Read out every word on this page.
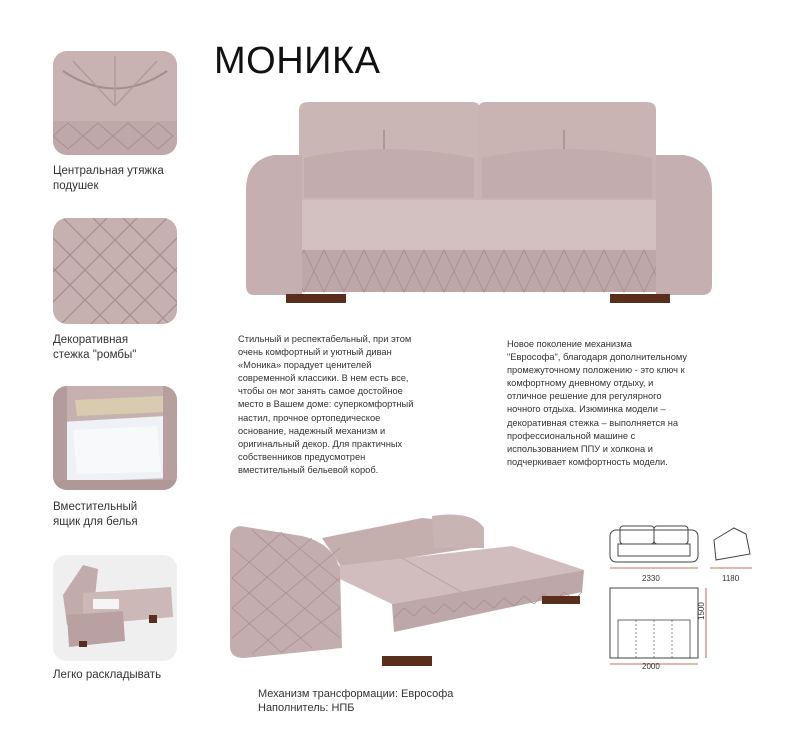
МОНИКА
Центральная утяжка
подушек
Декоративная
стежка "ромбы"
Вместительный
ящик для белья
Легко раскладывать
Стильный и респектабельный, при этом
очень комфортный и уютный диван
«Моника» порадует ценителей
современной классики. В нем есть все,
чтобы он мог занять самое достойное
место в Вашем доме: суперкомфортный
настил, прочное ортопедическое
основание, надежный механизм и
оригинальный декор. Для практичных
собственников предусмотрен
вместительный бельевой короб.
Новое поколение механизма
"Еврософа", благодаря дополнительному
промежуточному положению - это ключ к
комфортному дневному отдыху, и
отличное решение для регулярного
ночного отдыха. Изюминка модели –
декоративная стежка – выполняется на
профессиональной машине с
использованием ППУ и холкона и
подчеркивает комфортность модели.
Механизм трансформации: Еврософа
Наполнитель: НПБ
2330	1180
2000
1500
